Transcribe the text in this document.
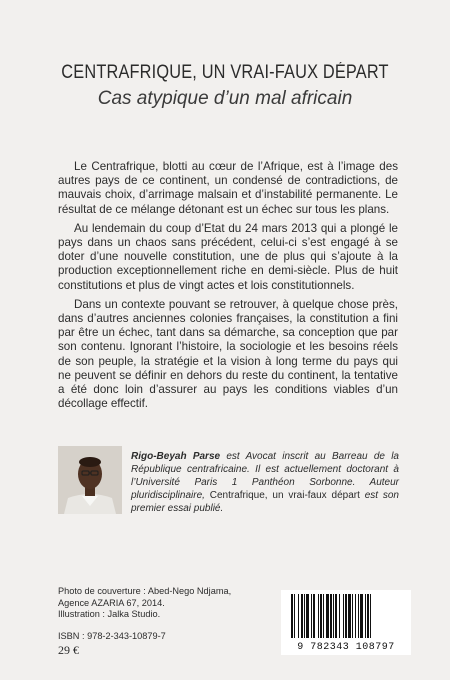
CENTRAFRIQUE, UN VRAI-FAUX DÉPART
Cas atypique d’un mal africain

Le Centrafrique, blotti au cœur de l’Afrique, est à l’image des autres pays de ce continent, un condensé de contradictions, de mauvais choix, d’arrimage malsain et d’instabilité permanente. Le résultat de ce mélange détonant est un échec sur tous les plans.

Au lendemain du coup d’Etat du 24 mars 2013 qui a plongé le pays dans un chaos sans précédent, celui-ci s’est engagé à se doter d’une nouvelle constitution, une de plus qui s’ajoute à la production exceptionnellement riche en demi-siècle. Plus de huit constitutions et plus de vingt actes et lois constitutionnels.

Dans un contexte pouvant se retrouver, à quelque chose près, dans d’autres anciennes colonies françaises, la constitution a fini par être un échec, tant dans sa démarche, sa conception que par son contenu. Ignorant l’histoire, la sociologie et les besoins réels de son peuple, la stratégie et la vision à long terme du pays qui ne peuvent se définir en dehors du reste du continent, la tentative a été donc loin d’assurer au pays les conditions viables d’un décollage effectif.

Rigo-Beyah Parse est Avocat inscrit au Barreau de la République centrafricaine. Il est actuellement doctorant à l’Université Paris 1 Panthéon Sorbonne. Auteur pluridisciplinaire, Centrafrique, un vrai-faux départ est son premier essai publié.
Photo de couverture : Abed-Nego Ndjama, Agence AZARIA 67, 2014.
Illustration : Jalka Studio.
ISBN : 978-2-343-10879-7
29 €	9 782343 108797
